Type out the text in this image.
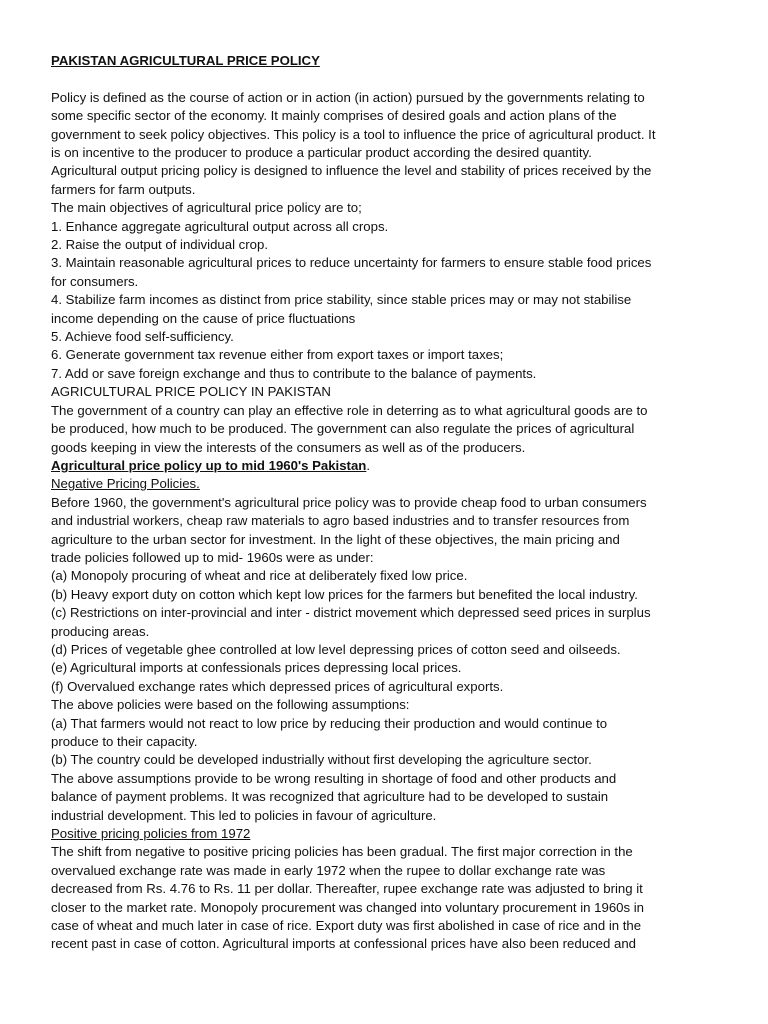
PAKISTAN AGRICULTURAL PRICE POLICY
Policy is defined as the course of action or in action (in action) pursued by the governments relating to
some specific sector of the economy. It mainly comprises of desired goals and action plans of the
government to seek policy objectives. This policy is a tool to influence the price of agricultural product. It
is on incentive to the producer to produce a particular product according the desired quantity.
Agricultural output pricing policy is designed to influence the level and stability of prices received by the
farmers for farm outputs.
The main objectives of agricultural price policy are to;
1. Enhance aggregate agricultural output across all crops.
2. Raise the output of individual crop.
3. Maintain reasonable agricultural prices to reduce uncertainty for farmers to ensure stable food prices
for consumers.
4. Stabilize farm incomes as distinct from price stability, since stable prices may or may not stabilise
income depending on the cause of price fluctuations
5. Achieve food self-sufficiency.
6. Generate government tax revenue either from export taxes or import taxes;
7. Add or save foreign exchange and thus to contribute to the balance of payments.
AGRICULTURAL PRICE POLICY IN PAKISTAN
The government of a country can play an effective role in deterring as to what agricultural goods are to
be produced, how much to be produced. The government can also regulate the prices of agricultural
goods keeping in view the interests of the consumers as well as of the producers.
Agricultural price policy up to mid 1960's Pakistan.
Negative Pricing Policies.
Before 1960, the government's agricultural price policy was to provide cheap food to urban consumers
and industrial workers, cheap raw materials to agro based industries and to transfer resources from
agriculture to the urban sector for investment. In the light of these objectives, the main pricing and
trade policies followed up to mid- 1960s were as under:
(a) Monopoly procuring of wheat and rice at deliberately fixed low price.
(b) Heavy export duty on cotton which kept low prices for the farmers but benefited the local industry.
(c) Restrictions on inter-provincial and inter - district movement which depressed seed prices in surplus
producing areas.
(d) Prices of vegetable ghee controlled at low level depressing prices of cotton seed and oilseeds.
(e) Agricultural imports at confessionals prices depressing local prices.
(f) Overvalued exchange rates which depressed prices of agricultural exports.
The above policies were based on the following assumptions:
(a) That farmers would not react to low price by reducing their production and would continue to
produce to their capacity.
(b) The country could be developed industrially without first developing the agriculture sector.
The above assumptions provide to be wrong resulting in shortage of food and other products and
balance of payment problems. It was recognized that agriculture had to be developed to sustain
industrial development. This led to policies in favour of agriculture.
Positive pricing policies from 1972
The shift from negative to positive pricing policies has been gradual. The first major correction in the
overvalued exchange rate was made in early 1972 when the rupee to dollar exchange rate was
decreased from Rs. 4.76 to Rs. 11 per dollar. Thereafter, rupee exchange rate was adjusted to bring it
closer to the market rate. Monopoly procurement was changed into voluntary procurement in 1960s in
case of wheat and much later in case of rice. Export duty was first abolished in case of rice and in the
recent past in case of cotton. Agricultural imports at confessional prices have also been reduced and
